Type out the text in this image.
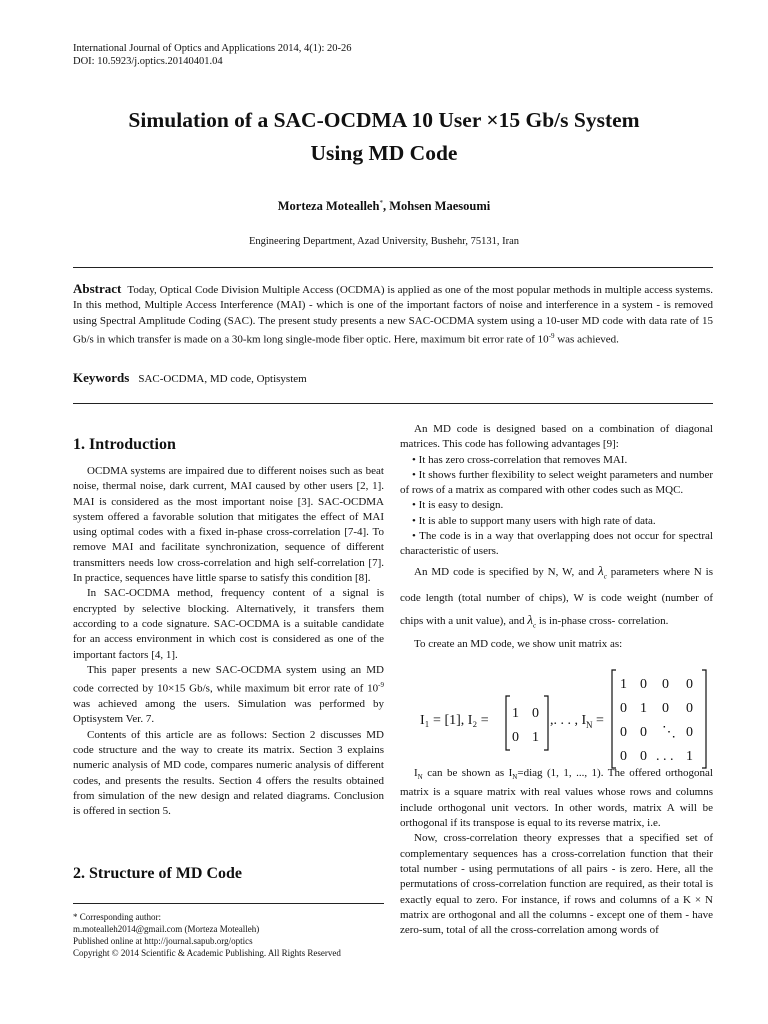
International Journal of Optics and Applications 2014, 4(1): 20-26
DOI: 10.5923/j.optics.20140401.04
Simulation of a SAC-OCDMA 10 User ×15 Gb/s System
Using MD Code
Morteza Motealleh*, Mohsen Maesoumi
Engineering Department, Azad University, Bushehr, 75131, Iran
Abstract Today, Optical Code Division Multiple Access (OCDMA) is applied as one of the most popular methods in multiple access systems. In this method, Multiple Access Interference (MAI) - which is one of the important factors of noise and interference in a system - is removed using Spectral Amplitude Coding (SAC). The present study presents a new SAC-OCDMA system using a 10-user MD code with data rate of 15 Gb/s in which transfer is made on a 30-km long single-mode fiber optic. Here, maximum bit error rate of $10^{-9}$ was achieved.
Keywords SAC-OCDMA, MD code, Optisystem
1. Introduction

OCDMA systems are impaired due to different noises such as beat noise, thermal noise, dark current, MAI caused by other users [2, 1]. MAI is considered as the most important noise [3]. SAC-OCDMA system offered a favorable solution that mitigates the effect of MAI using optimal codes with a fixed in-phase cross-correlation [7-4]. To remove MAI and facilitate synchronization, sequence of different transmitters needs low cross-correlation and high self-correlation [7]. In practice, sequences have little sparse to satisfy this condition [8].

In SAC-OCDMA method, frequency content of a signal is encrypted by selective blocking. Alternatively, it transfers them according to a code signature. SAC-OCDMA is a suitable candidate for an access environment in which cost is considered as one of the important factors [4, 1].

This paper presents a new SAC-OCDMA system using an MD code corrected by 10×15 Gb/s, while maximum bit error rate of $10^{-9}$ was achieved among the users. Simulation was performed by Optisystem Ver. 7.

Contents of this article are as follows: Section 2 discusses MD code structure and the way to create its matrix. Section 3 explains numeric analysis of MD code, compares numeric analysis of different codes, and presents the results. Section 4 offers the results obtained from simulation of the new design and related diagrams. Conclusion is offered in section 5.

2. Structure of MD Code
* Corresponding author:
m.motealleh2014@gmail.com (Morteza Motealleh)
Published online at http://journal.sapub.org/optics
Copyright © 2014 Scientific & Academic Publishing. All Rights Reserved

An MD code is designed based on a combination of diagonal matrices. This code has following advantages [9]:

• It has zero cross-correlation that removes MAI.

• It shows further flexibility to select weight parameters and number of rows of a matrix as compared with other codes such as MQC.

• It is easy to design.

• It is able to support many users with high rate of data.

• The code is in a way that overlapping does not occur for spectral characteristic of users.

An MD code is specified by N, W, and $\lambda_c$ parameters where N is code length (total number of chips), W is code weight (number of chips with a unit value), and $\lambda_c$ is in-phase cross- correlation.

To create an MD code, we show unit matrix as:

I₁ = [1], I₂ = 1 0
0 1
,. . . , I N =
1 0 0 0
0 1 0 0
0 0 ⋱ 0
0 0 . . . 1

$I_N$ can be shown as $I_N=diag$ (1, 1, ..., 1). The offered orthogonal matrix is a square matrix with real values whose rows and columns include orthogonal unit vectors. In other words, matrix A will be orthogonal if its transpose is equal to its reverse matrix, i.e.

Now, cross-correlation theory expresses that a specified set of complementary sequences has a cross-correlation function that their total number - using permutations of all pairs - is zero. Here, all the permutations of cross-correlation function are required, as their total is exactly equal to zero. For instance, if rows and columns of a K × N matrix are orthogonal and all the columns - except one of them - have zero-sum, total of all the cross-correlation among words of
